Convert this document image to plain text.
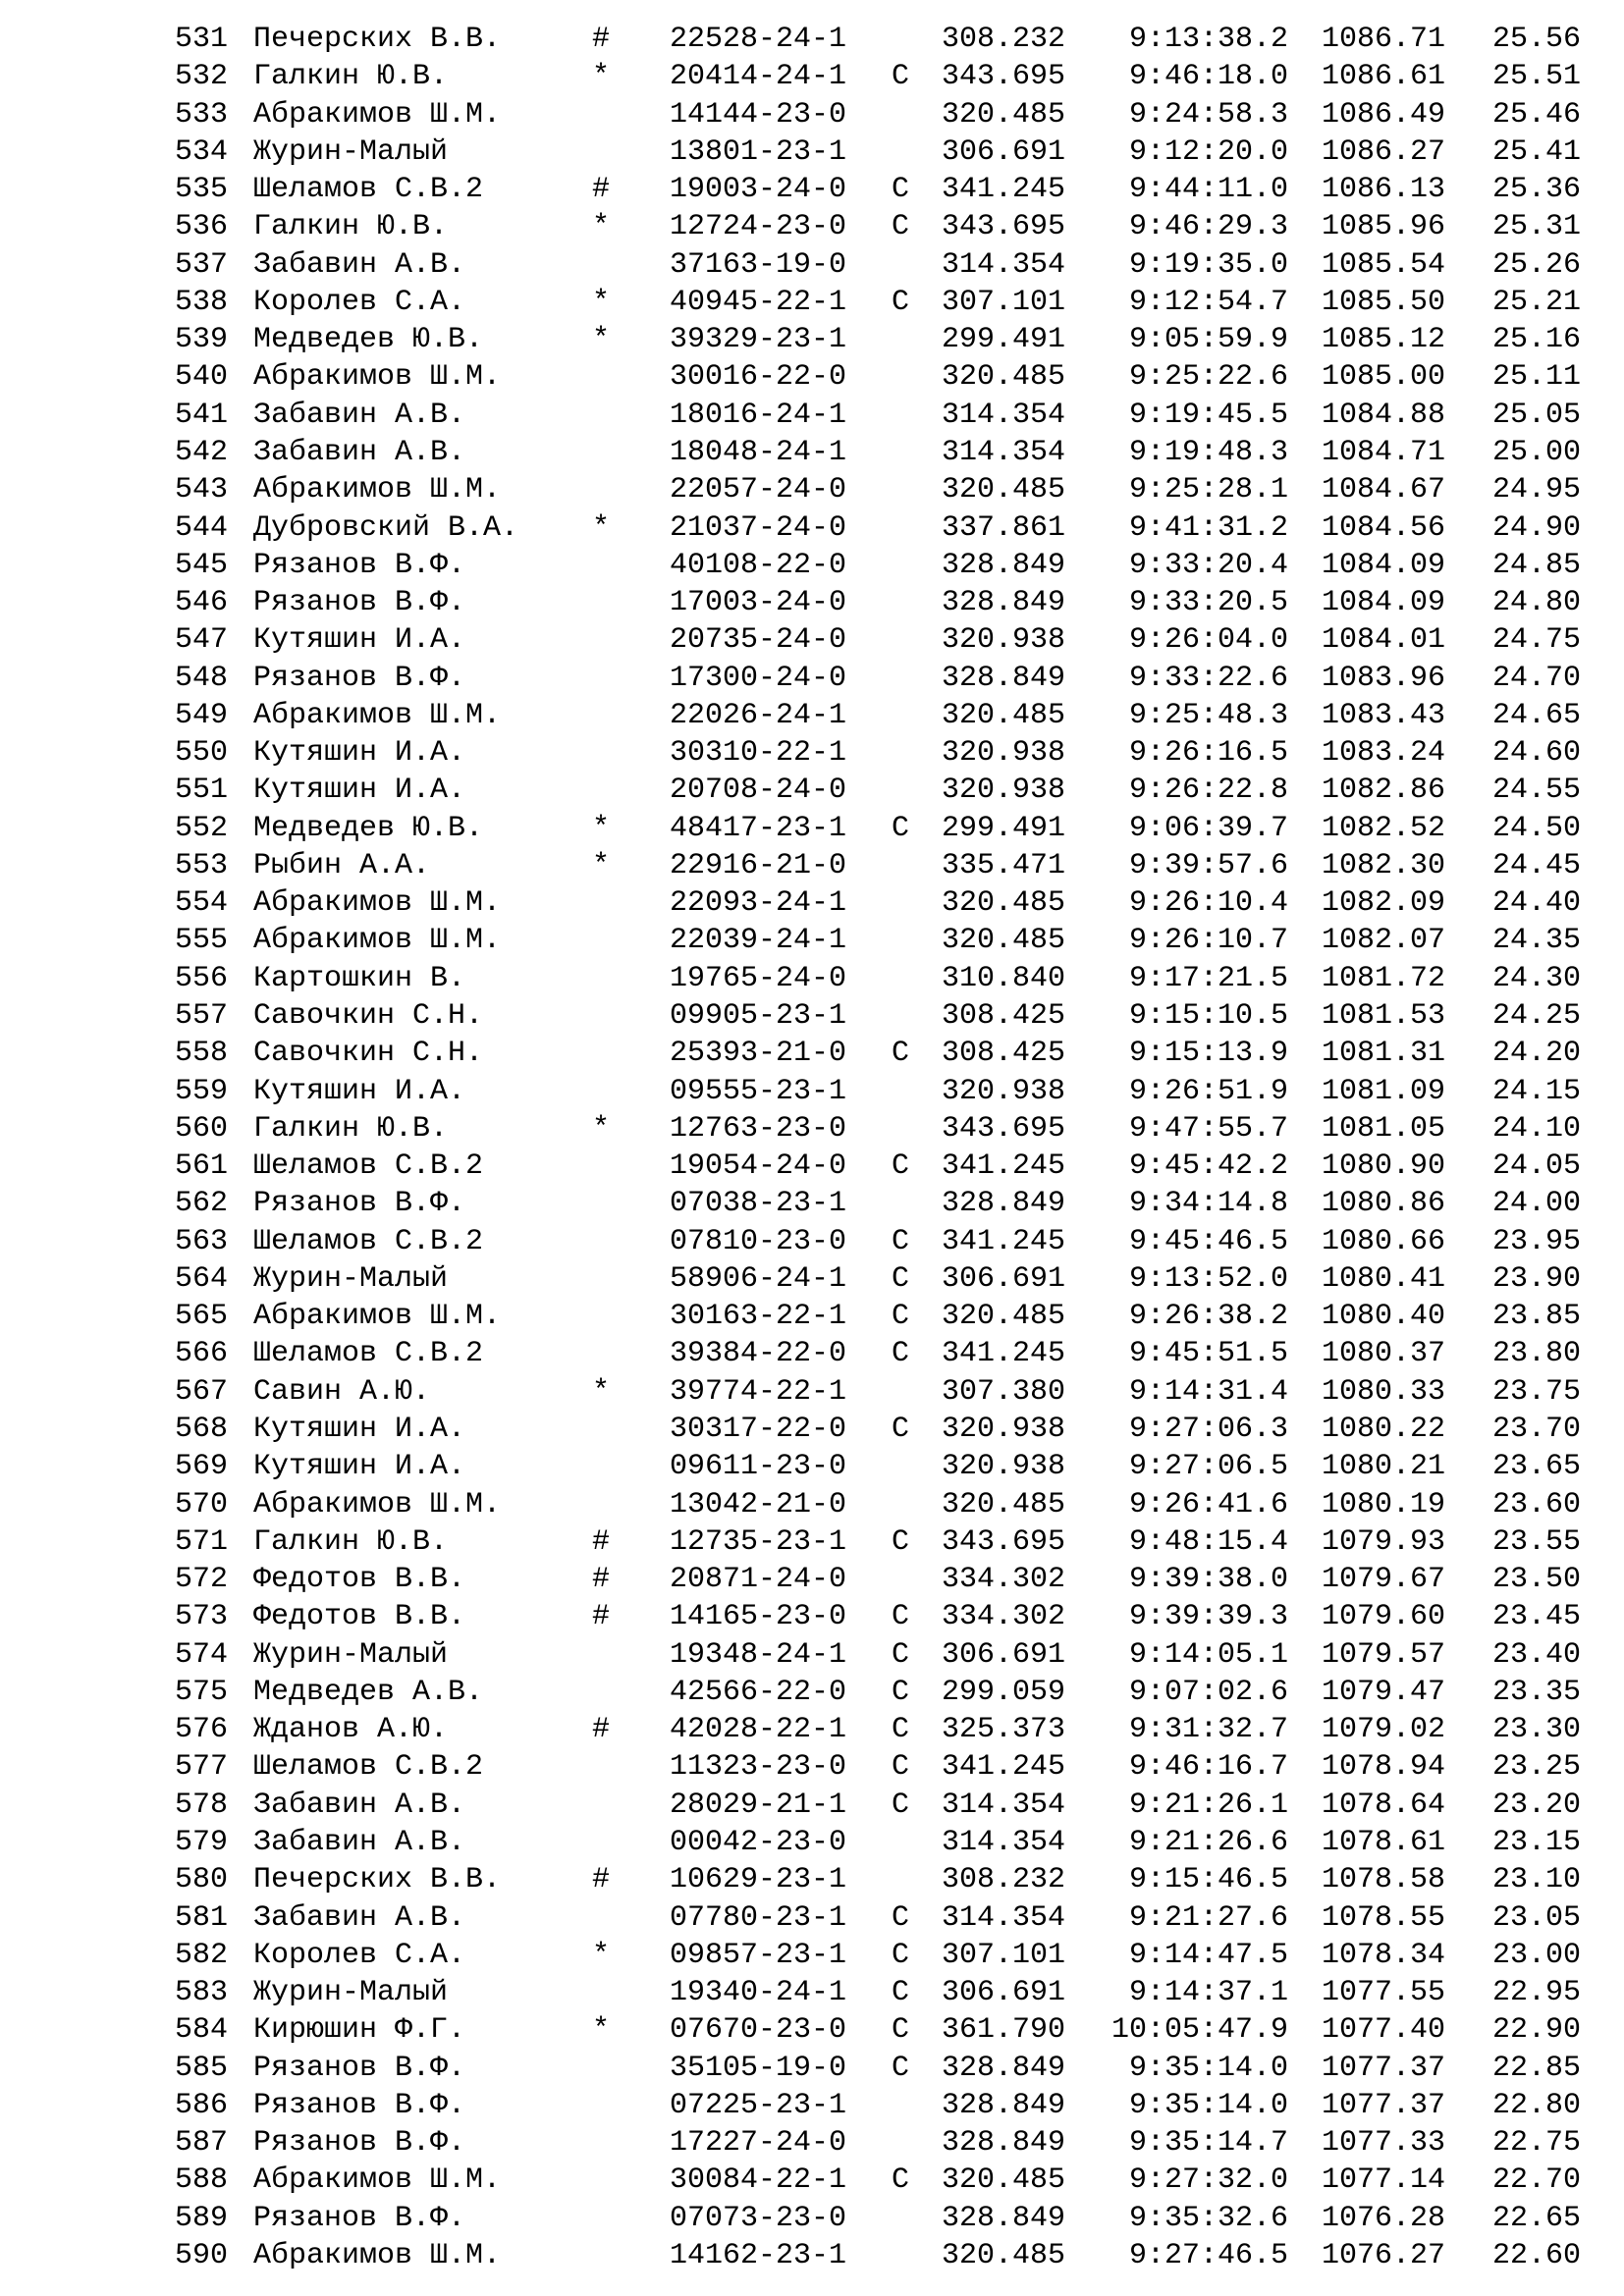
531 Печерских В.В.	# 22528-24-1	308.232	9:13:38.2	1086.71	25.56
532 Галкин Ю.В.	* 20414-24-1 С	343.695	9:46:18.0	1086.61	25.51
533 Абракимов Ш.М.	14144-23-0	320.485	9:24:58.3	1086.49	25.46
534 Журин-Малый	13801-23-1	306.691	9:12:20.0	1086.27	25.41
535 Шеламов С.В.2	# 19003-24-0 С	341.245	9:44:11.0	1086.13	25.36
536 Галкин Ю.В.	* 12724-23-0 С	343.695	9:46:29.3	1085.96	25.31
537 Забавин А.В.	37163-19-0	314.354	9:19:35.0	1085.54	25.26
538 Королев С.А.	* 40945-22-1 С	307.101	9:12:54.7	1085.50	25.21
539 Медведев Ю.В.	* 39329-23-1	299.491	9:05:59.9	1085.12	25.16
540 Абракимов Ш.М.	30016-22-0	320.485	9:25:22.6	1085.00	25.11
541 Забавин А.В.	18016-24-1	314.354	9:19:45.5	1084.88	25.05
542 Забавин А.В.	18048-24-1	314.354	9:19:48.3	1084.71	25.00
543 Абракимов Ш.М.	22057-24-0	320.485	9:25:28.1	1084.67	24.95
544 Дубровский В.А. * 21037-24-0	337.861	9:41:31.2	1084.56	24.90
545 Рязанов В.Ф.	40108-22-0	328.849	9:33:20.4	1084.09	24.85
546 Рязанов В.Ф.	17003-24-0	328.849	9:33:20.5	1084.09	24.80
547 Кутяшин И.А.	20735-24-0	320.938	9:26:04.0	1084.01	24.75
548 Рязанов В.Ф.	17300-24-0	328.849	9:33:22.6	1083.96	24.70
549 Абракимов Ш.М.	22026-24-1	320.485	9:25:48.3	1083.43	24.65
550 Кутяшин И.А.	30310-22-1	320.938	9:26:16.5	1083.24	24.60
551 Кутяшин И.А.	20708-24-0	320.938	9:26:22.8	1082.86	24.55
552 Медведев Ю.В.	* 48417-23-1 С	299.491	9:06:39.7	1082.52	24.50
553 Рыбин А.А.	* 22916-21-0	335.471	9:39:57.6	1082.30	24.45
554 Абракимов Ш.М.	22093-24-1	320.485	9:26:10.4	1082.09	24.40
555 Абракимов Ш.М.	22039-24-1	320.485	9:26:10.7	1082.07	24.35
556 Картошкин В.	19765-24-0	310.840	9:17:21.5	1081.72	24.30
557 Савочкин С.Н.	09905-23-1	308.425	9:15:10.5	1081.53	24.25
558 Савочкин С.Н.	25393-21-0 С	308.425	9:15:13.9	1081.31	24.20
559 Кутяшин И.А.	09555-23-1	320.938	9:26:51.9	1081.09	24.15
560 Галкин Ю.В.	* 12763-23-0	343.695	9:47:55.7	1081.05	24.10
561 Шеламов С.В.2	19054-24-0 С	341.245	9:45:42.2	1080.90	24.05
562 Рязанов В.Ф.	07038-23-1	328.849	9:34:14.8	1080.86	24.00
563 Шеламов С.В.2	07810-23-0 С	341.245	9:45:46.5	1080.66	23.95
564 Журин-Малый	58906-24-1 С	306.691	9:13:52.0	1080.41	23.90
565 Абракимов Ш.М.	30163-22-1 С	320.485	9:26:38.2	1080.40	23.85
566 Шеламов С.В.2	39384-22-0 С	341.245	9:45:51.5	1080.37	23.80
567 Савин А.Ю.	* 39774-22-1	307.380	9:14:31.4	1080.33	23.75
568 Кутяшин И.А.	30317-22-0 С	320.938	9:27:06.3	1080.22	23.70
569 Кутяшин И.А.	09611-23-0	320.938	9:27:06.5	1080.21	23.65
570 Абракимов Ш.М.	13042-21-0	320.485	9:26:41.6	1080.19	23.60
571 Галкин Ю.В.	# 12735-23-1 С	343.695	9:48:15.4	1079.93	23.55
572 Федотов В.В.	# 20871-24-0	334.302	9:39:38.0	1079.67	23.50
573 Федотов В.В.	# 14165-23-0 С	334.302	9:39:39.3	1079.60	23.45
574 Журин-Малый	19348-24-1 С	306.691	9:14:05.1	1079.57	23.40
575 Медведев А.В.	42566-22-0 С	299.059	9:07:02.6	1079.47	23.35
576 Жданов А.Ю.	# 42028-22-1 С	325.373	9:31:32.7	1079.02	23.30
577 Шеламов С.В.2	11323-23-0 С	341.245	9:46:16.7	1078.94	23.25
578 Забавин А.В.	28029-21-1 С	314.354	9:21:26.1	1078.64	23.20
579 Забавин А.В.	00042-23-0	314.354	9:21:26.6	1078.61	23.15
580 Печерских В.В.	# 10629-23-1	308.232	9:15:46.5	1078.58	23.10
581 Забавин А.В.	07780-23-1 С	314.354	9:21:27.6	1078.55	23.05
582 Королев С.А.	* 09857-23-1 С	307.101	9:14:47.5	1078.34	23.00
583 Журин-Малый	19340-24-1 С	306.691	9:14:37.1	1077.55	22.95
584 Кирюшин Ф.Г.	* 07670-23-0 С	361.790	10:05:47.9	1077.40	22.90
585 Рязанов В.Ф.	35105-19-0 С	328.849	9:35:14.0	1077.37	22.85
586 Рязанов В.Ф.	07225-23-1	328.849	9:35:14.0	1077.37	22.80
587 Рязанов В.Ф.	17227-24-0	328.849	9:35:14.7	1077.33	22.75
588 Абракимов Ш.М.	30084-22-1 С	320.485	9:27:32.0	1077.14	22.70
589 Рязанов В.Ф.	07073-23-0	328.849	9:35:32.6	1076.28	22.65
590 Абракимов Ш.М.	14162-23-1	320.485	9:27:46.5	1076.27	22.60
